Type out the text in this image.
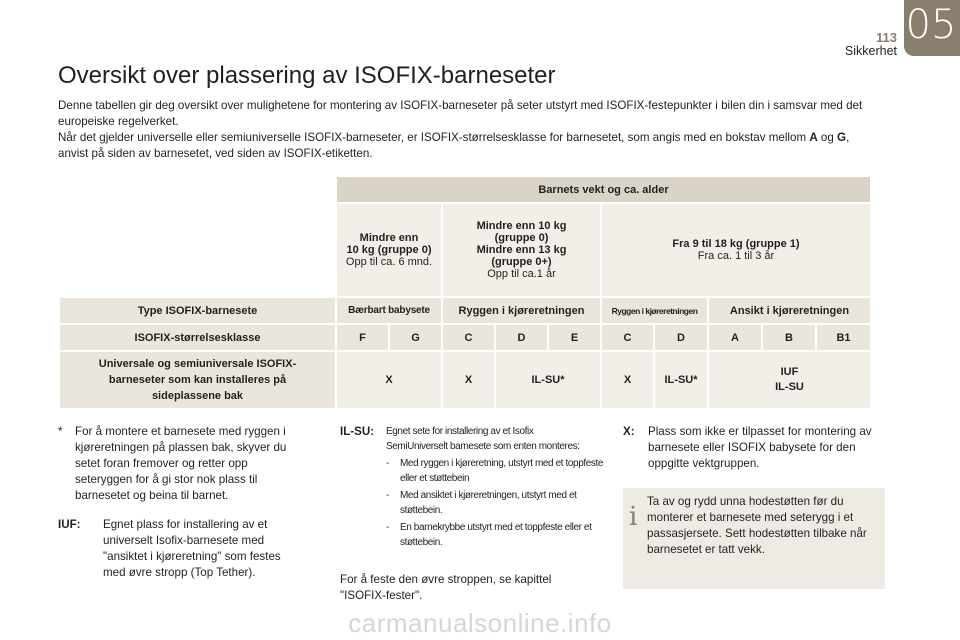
05
113
Sikkerhet
Oversikt over plassering av ISOFIX-barneseter

Denne tabellen gir deg oversikt over mulighetene for montering av ISOFIX-barneseter på seter utstyrt med ISOFIX-festepunkter i bilen din i samsvar med det europeiske regelverket.

Når det gjelder universelle eller semiuniverselle ISOFIX-barneseter, er ISOFIX-størrelsesklasse for barnesetet, som angis med en bokstav mellom A og G, anvist på siden av barnesetet, ved siden av ISOFIX-etiketten.

	Barnets vekt og ca. alder									
	Mindre enn
10 kg (gruppe 0)
Opp til ca. 6 mnd.		Mindre enn 10 kg
(gruppe 0)
Mindre enn 13 kg
(gruppe 0+)
Opp til ca.1 år			Fra 9 til 18 kg (gruppe 1)
Fra ca. 1 til 3 år				
Type ISOFIX-barnesete	Bærbart babysete		Ryggen i kjøreretningen			Ryggen i kjøreretningen		Ansikt i kjøreretningen		
ISOFIX-størrelsesklasse	F	G	C	D	E	C	D	A	B	B1
Universale og semiuniversale ISOFIX-
barneseter som kan installeres på
sideplassene bak	X		X	IL-SU*		X	IL-SU*	IUF
IL-SU		
*	For å montere et barnesete med ryggen i kjøreretningen på plassen bak, skyver du setet foran fremover og retter opp seteryggen for å gi stor nok plass til barnesetet og beina til barnet.
IUF:	Egnet plass for installering av et universelt Isofix-barnesete med "ansiktet i kjøreretning" som festes med øvre stropp (Top Tether).
IL-SU:	Egnet sete for installering av et Isofix
SemiUniverselt barnesete som enten monteres:
-	Med ryggen i kjøreretning, utstyrt med et toppfeste eller et støttebein
-	Med ansiktet i kjøreretningen, utstyrt med et støttebein.
-	En barnekrybbe utstyrt med et toppfeste eller et støttebein.
For å feste den øvre stroppen, se kapittel "ISOFIX-fester".
X:	Plass som ikke er tilpasset for montering av barnesete eller ISOFIX babysete for den oppgitte vektgruppen.
i
Ta av og rydd unna hodestøtten før du monterer et barnesete med seterygg i et passasjersete. Sett hodestøtten tilbake når barnesetet er tatt vekk.
carmanualsonline.info
